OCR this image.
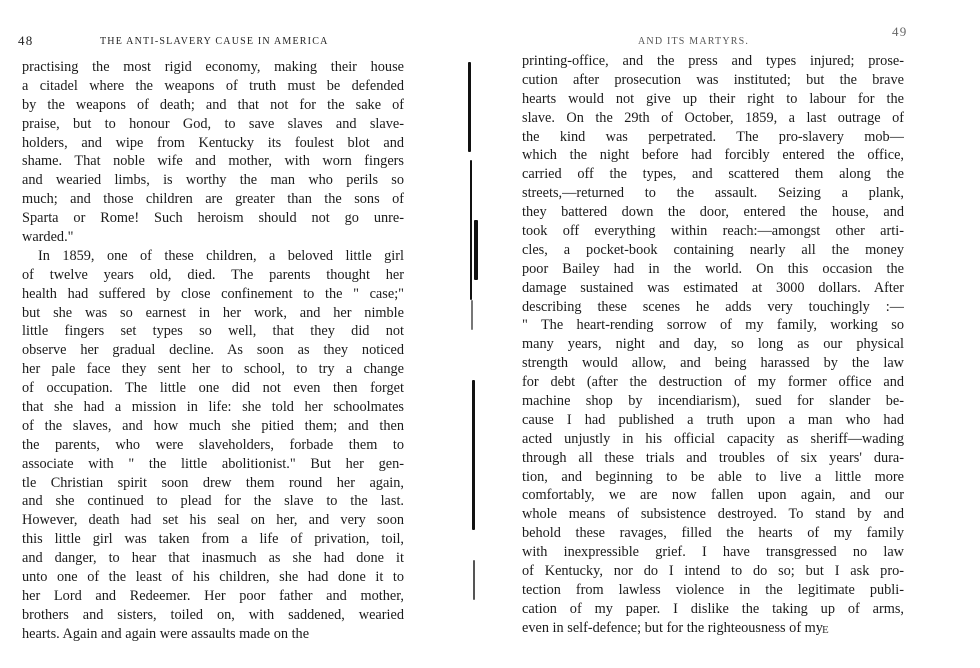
48	THE ANTI-SLAVERY CAUSE IN AMERICA
practising the most rigid economy, making their house
a citadel where the weapons of truth must be defended
by the weapons of death; and that not for the sake of
praise, but to honour God, to save slaves and slave-
holders, and wipe from Kentucky its foulest blot and
shame. That noble wife and mother, with worn fingers
and wearied limbs, is worthy the man who perils so
much; and those children are greater than the sons of
Sparta or Rome! Such heroism should not go unre-
warded."
In 1859, one of these children, a beloved little girl
of twelve years old, died. The parents thought her
health had suffered by close confinement to the " case;"
but she was so earnest in her work, and her nimble
little fingers set types so well, that they did not
observe her gradual decline. As soon as they noticed
her pale face they sent her to school, to try a change
of occupation. The little one did not even then forget
that she had a mission in life: she told her schoolmates
of the slaves, and how much she pitied them; and then
the parents, who were slaveholders, forbade them to
associate with " the little abolitionist." But her gen-
tle Christian spirit soon drew them round her again,
and she continued to plead for the slave to the last.
However, death had set his seal on her, and very soon
this little girl was taken from a life of privation, toil,
and danger, to hear that inasmuch as she had done it
unto one of the least of his children, she had done it to
her Lord and Redeemer. Her poor father and mother,
brothers and sisters, toiled on, with saddened, wearied
hearts. Again and again were assaults made on the
AND ITS MARTYRS.
49
printing-office, and the press and types injured; prose-
cution after prosecution was instituted; but the brave
hearts would not give up their right to labour for the
slave. On the 29th of October, 1859, a last outrage of
the kind was perpetrated. The pro-slavery mob—
which the night before had forcibly entered the office,
carried off the types, and scattered them along the
streets,—returned to the assault. Seizing a plank,
they battered down the door, entered the house, and
took off everything within reach:—amongst other arti-
cles, a pocket-book containing nearly all the money
poor Bailey had in the world. On this occasion the
damage sustained was estimated at 3000 dollars. After
describing these scenes he adds very touchingly :—
" The heart-rending sorrow of my family, working so
many years, night and day, so long as our physical
strength would allow, and being harassed by the law
for debt (after the destruction of my former office and
machine shop by incendiarism), sued for slander be-
cause I had published a truth upon a man who had
acted unjustly in his official capacity as sheriff—wading
through all these trials and troubles of six years' dura-
tion, and beginning to be able to live a little more
comfortably, we are now fallen upon again, and our
whole means of subsistence destroyed. To stand by and
behold these ravages, filled the hearts of my family
with inexpressible grief. I have transgressed no law
of Kentucky, nor do I intend to do so; but I ask pro-
tection from lawless violence in the legitimate publi-
cation of my paper. I dislike the taking up of arms,
even in self-defence; but for the righteousness of my E
